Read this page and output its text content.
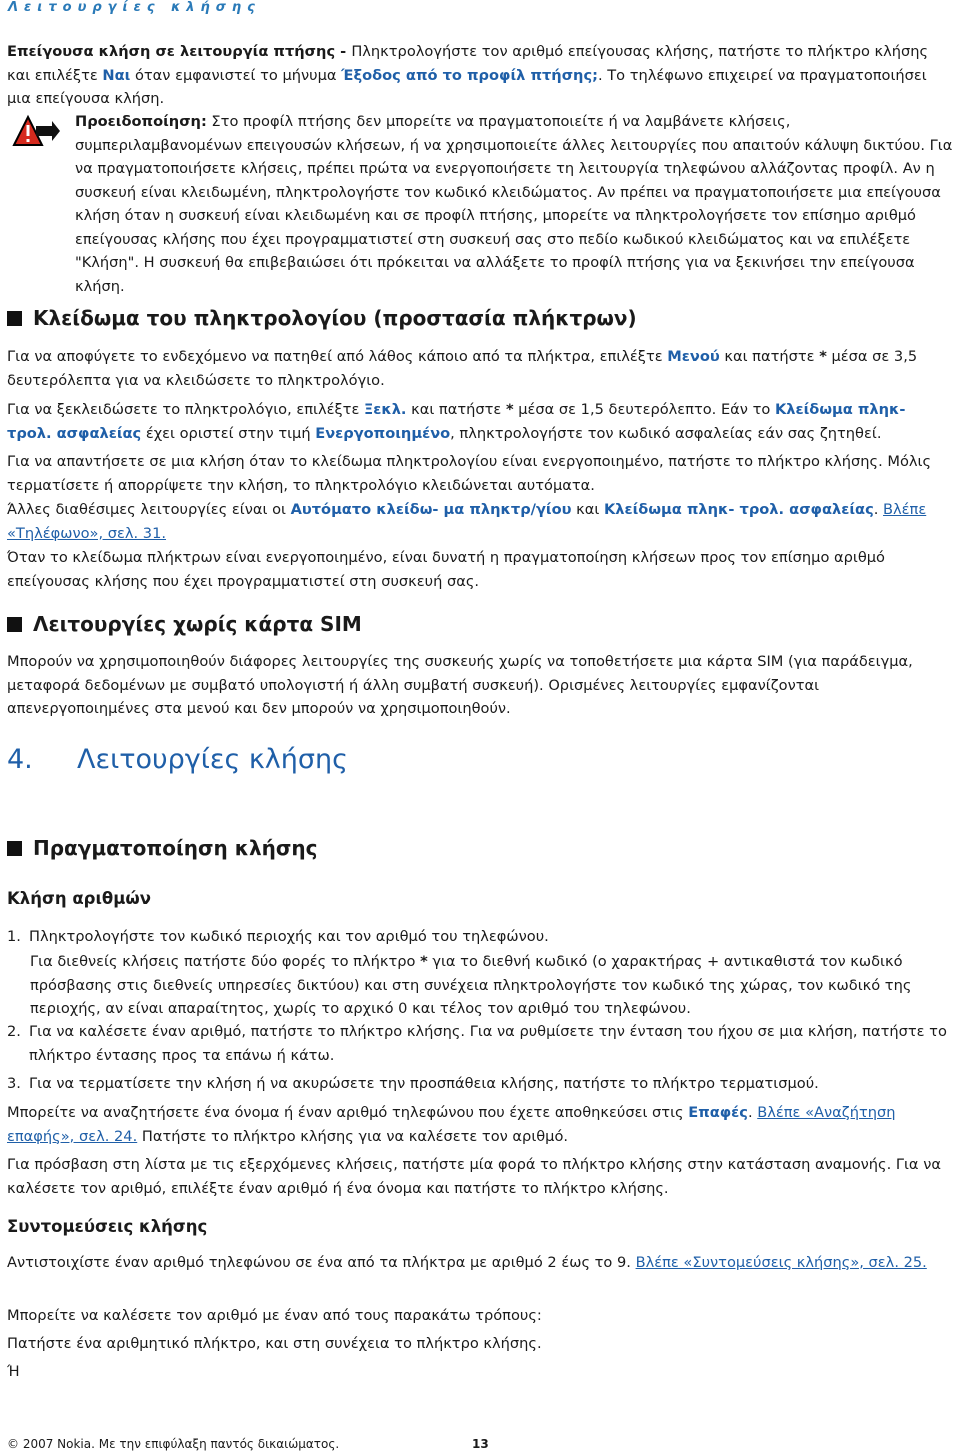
Λειτουργίες κλήσης

Επείγουσα κλήση σε λειτουργία πτήσης - Πληκτρολογήστε τον αριθμό επείγουσας κλήσης, πατήστε το πλήκτρο κλήσης και επιλέξτε Ναι όταν εμφανιστεί το μήνυμα Έξοδος από το προφίλ πτήσης;. Το τηλέφωνο επιχειρεί να πραγματοποιήσει μια επείγουσα κλήση.

Προειδοποίηση: Στο προφίλ πτήσης δεν μπορείτε να πραγματοποιείτε ή να λαμβάνετε κλήσεις, συμπεριλαμβανομένων επειγουσών κλήσεων, ή να χρησιμοποιείτε άλλες λειτουργίες που απαιτούν κάλυψη δικτύου. Για να πραγματοποιήσετε κλήσεις, πρέπει πρώτα να ενεργοποιήσετε τη λειτουργία τηλεφώνου αλλάζοντας προφίλ. Αν η συσκευή είναι κλειδωμένη, πληκτρολογήστε τον κωδικό κλειδώματος. Αν πρέπει να πραγματοποιήσετε μια επείγουσα κλήση όταν η συσκευή είναι κλειδωμένη και σε προφίλ πτήσης, μπορείτε να πληκτρολογήσετε τον επίσημο αριθμό επείγουσας κλήσης που έχει προγραμματιστεί στη συσκευή σας στο πεδίο κωδικού κλειδώματος και να επιλέξετε "Κλήση". Η συσκευή θα επιβεβαιώσει ότι πρόκειται να αλλάξετε το προφίλ πτήσης για να ξεκινήσει την επείγουσα κλήση.

Κλείδωμα του πληκτρολογίου (προστασία πλήκτρων)

Για να αποφύγετε το ενδεχόμενο να πατηθεί από λάθος κάποιο από τα πλήκτρα, επιλέξτε Μενού και πατήστε * μέσα σε 3,5 δευτερόλεπτα για να κλειδώσετε το πληκτρολόγιο.

Για να ξεκλειδώσετε το πληκτρολόγιο, επιλέξτε Ξεκλ. και πατήστε * μέσα σε 1,5 δευτερόλεπτο. Εάν το Κλείδωμα πληκ- τρολ. ασφαλείας έχει οριστεί στην τιμή Ενεργοποιημένο, πληκτρολογήστε τον κωδικό ασφαλείας εάν σας ζητηθεί.

Για να απαντήσετε σε μια κλήση όταν το κλείδωμα πληκτρολογίου είναι ενεργοποιημένο, πατήστε το πλήκτρο κλήσης. Μόλις τερματίσετε ή απορρίψετε την κλήση, το πληκτρολόγιο κλειδώνεται αυτόματα.

Άλλες διαθέσιμες λειτουργίες είναι οι Αυτόματο κλείδω- μα πληκτρ/γίου και Κλείδωμα πληκ- τρολ. ασφαλείας. Βλέπε «Τηλέφωνο», σελ. 31.

Όταν το κλείδωμα πλήκτρων είναι ενεργοποιημένο, είναι δυνατή η πραγματοποίηση κλήσεων προς τον επίσημο αριθμό επείγουσας κλήσης που έχει προγραμματιστεί στη συσκευή σας.

Λειτουργίες χωρίς κάρτα SIM

Μπορούν να χρησιμοποιηθούν διάφορες λειτουργίες της συσκευής χωρίς να τοποθετήσετε μια κάρτα SIM (για παράδειγμα, μεταφορά δεδομένων με συμβατό υπολογιστή ή άλλη συμβατή συσκευή). Ορισμένες λειτουργίες εμφανίζονται απενεργοποιημένες στα μενού και δεν μπορούν να χρησιμοποιηθούν.

4. Λειτουργίες κλήσης
Πραγματοποίηση κλήσης
Κλήση αριθμών
1. Πληκτρολογήστε τον κωδικό περιοχής και τον αριθμό του τηλεφώνου.

Για διεθνείς κλήσεις πατήστε δύο φορές το πλήκτρο * για το διεθνή κωδικό (ο χαρακτήρας + αντικαθιστά τον κωδικό πρόσβασης στις διεθνείς υπηρεσίες δικτύου) και στη συνέχεια πληκτρολογήστε τον κωδικό της χώρας, τον κωδικό της περιοχής, αν είναι απαραίτητος, χωρίς το αρχικό 0 και τέλος τον αριθμό του τηλεφώνου.

2. Για να καλέσετε έναν αριθμό, πατήστε το πλήκτρο κλήσης. Για να ρυθμίσετε την ένταση του ήχου σε μια κλήση, πατήστε το πλήκτρο έντασης προς τα επάνω ή κάτω.
3. Για να τερματίσετε την κλήση ή να ακυρώσετε την προσπάθεια κλήσης, πατήστε το πλήκτρο τερματισμού.

Μπορείτε να αναζητήσετε ένα όνομα ή έναν αριθμό τηλεφώνου που έχετε αποθηκεύσει στις Επαφές. Βλέπε «Αναζήτηση επαφής», σελ. 24. Πατήστε το πλήκτρο κλήσης για να καλέσετε τον αριθμό.

Για πρόσβαση στη λίστα με τις εξερχόμενες κλήσεις, πατήστε μία φορά το πλήκτρο κλήσης στην κατάσταση αναμονής. Για να καλέσετε τον αριθμό, επιλέξτε έναν αριθμό ή ένα όνομα και πατήστε το πλήκτρο κλήσης.

Συντομεύσεις κλήσης

Αντιστοιχίστε έναν αριθμό τηλεφώνου σε ένα από τα πλήκτρα με αριθμό 2 έως το 9. Βλέπε «Συντομεύσεις κλήσης», σελ. 25.

Μπορείτε να καλέσετε τον αριθμό με έναν από τους παρακάτω τρόπους:

Πατήστε ένα αριθμητικό πλήκτρο, και στη συνέχεια το πλήκτρο κλήσης.

Ή

© 2007 Nokia. Με την επιφύλαξη παντός δικαιώματος.	13
